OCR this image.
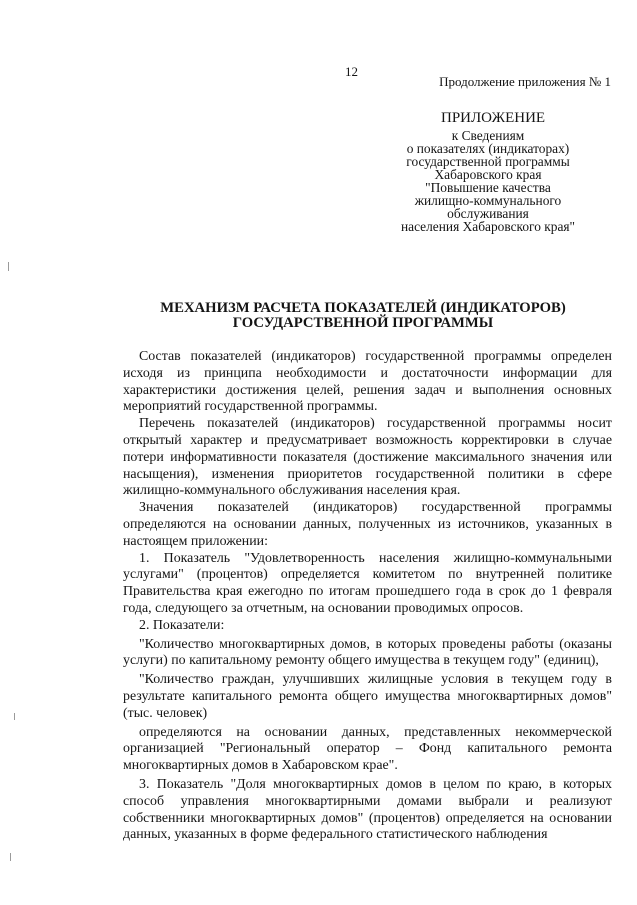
12
Продолжение приложения № 1
ПРИЛОЖЕНИЕ
к Сведениям
о показателях (индикаторах)
государственной программы
Хабаровского края
"Повышение качества
жилищно-коммунального
обслуживания
населения Хабаровского края"
МЕХАНИЗМ РАСЧЕТА ПОКАЗАТЕЛЕЙ (ИНДИКАТОРОВ)
ГОСУДАРСТВЕННОЙ ПРОГРАММЫ

Состав показателей (индикаторов) государственной программы определен исходя из принципа необходимости и достаточности информации для характеристики достижения целей, решения задач и выполнения основных мероприятий государственной программы.

Перечень показателей (индикаторов) государственной программы носит открытый характер и предусматривает возможность корректировки в случае потери информативности показателя (достижение максимального значения или насыщения), изменения приоритетов государственной политики в сфере жилищно-коммунального обслуживания населения края.

Значения показателей (индикаторов) государственной программы определяются на основании данных, полученных из источников, указанных в настоящем приложении:

1. Показатель "Удовлетворенность населения жилищно-коммунальными услугами" (процентов) определяется комитетом по внутренней политике Правительства края ежегодно по итогам прошедшего года в срок до 1 февраля года, следующего за отчетным, на основании проводимых опросов.

2. Показатели:

"Количество многоквартирных домов, в которых проведены работы (оказаны услуги) по капитальному ремонту общего имущества в текущем году" (единиц),

"Количество граждан, улучшивших жилищные условия в текущем году в результате капитального ремонта общего имущества многоквартирных домов" (тыс. человек)

определяются на основании данных, представленных некоммерческой организацией "Региональный оператор – Фонд капитального ремонта многоквартирных домов в Хабаровском крае".

3. Показатель "Доля многоквартирных домов в целом по краю, в которых способ управления многоквартирными домами выбрали и реализуют собственники многоквартирных домов" (процентов) определяется на основании данных, указанных в форме федерального статистического наблюдения
